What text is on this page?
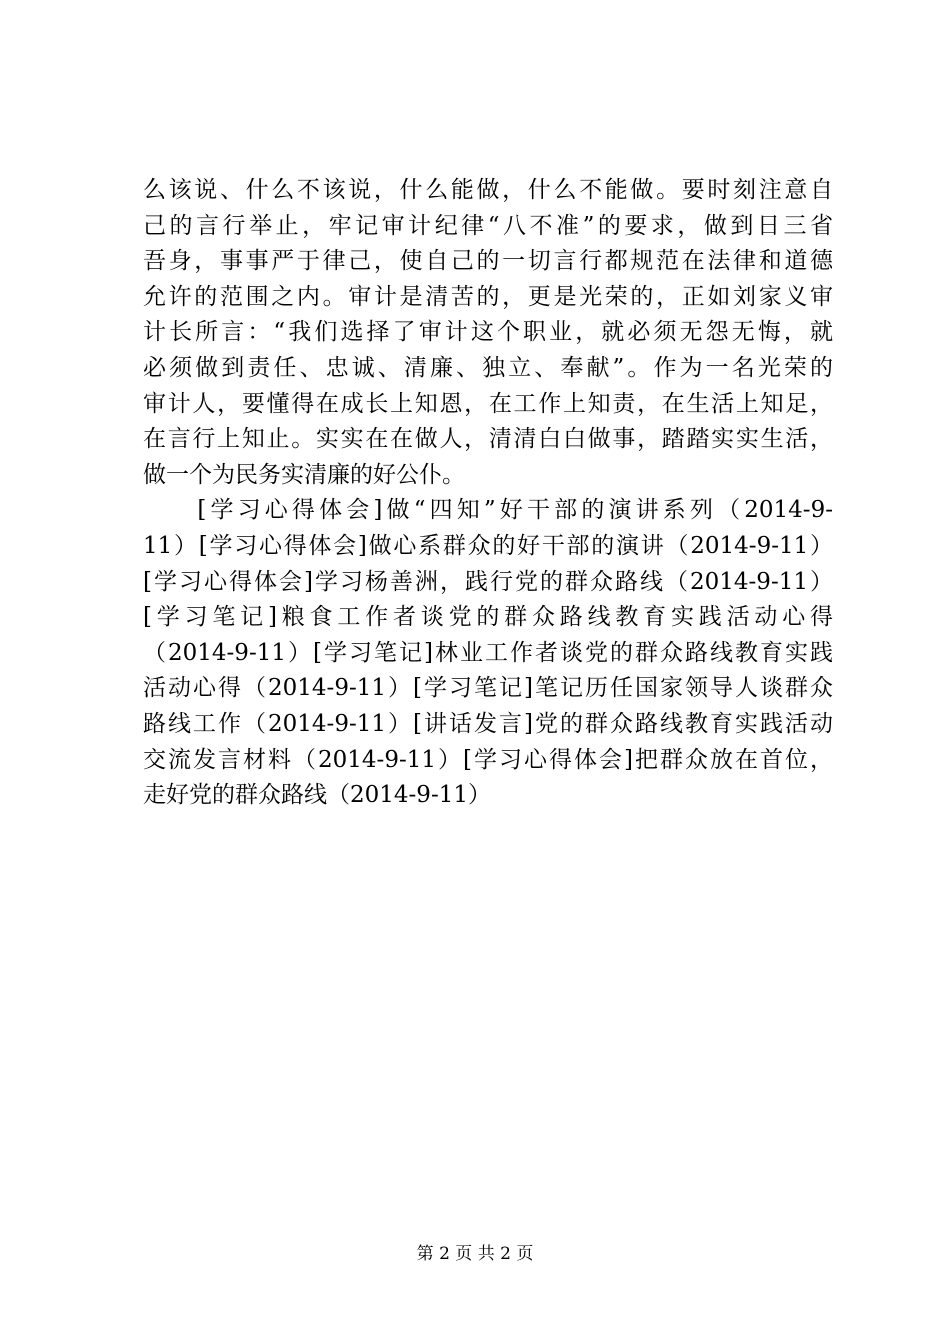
么该说、什么不该说，什么能做，什么不能做。要时刻注意自
己的言行举止，牢记审计纪律“八不准”的要求，做到日三省
吾身，事事严于律己，使自己的一切言行都规范在法律和道德
允许的范围之内。审计是清苦的，更是光荣的，正如刘家义审
计长所言：“我们选择了审计这个职业，就必须无怨无悔，就
必须做到责任、忠诚、清廉、独立、奉献”。作为一名光荣的
审计人，要懂得在成长上知恩，在工作上知责，在生活上知足，
在言行上知止。实实在在做人，清清白白做事，踏踏实实生活，
做一个为民务实清廉的好公仆。
　　[学习心得体会]做“四知”好干部的演讲系列（2014-9-
11）[学习心得体会]做心系群众的好干部的演讲（2014-9-11）
[学习心得体会]学习杨善洲，践行党的群众路线（2014-9-11）
[学习笔记]粮食工作者谈党的群众路线教育实践活动心得
（2014-9-11）[学习笔记]林业工作者谈党的群众路线教育实践
活动心得（2014-9-11）[学习笔记]笔记历任国家领导人谈群众
路线工作（2014-9-11）[讲话发言]党的群众路线教育实践活动
交流发言材料（2014-9-11）[学习心得体会]把群众放在首位，
走好党的群众路线（2014-9-11）
第 2 页 共 2 页
